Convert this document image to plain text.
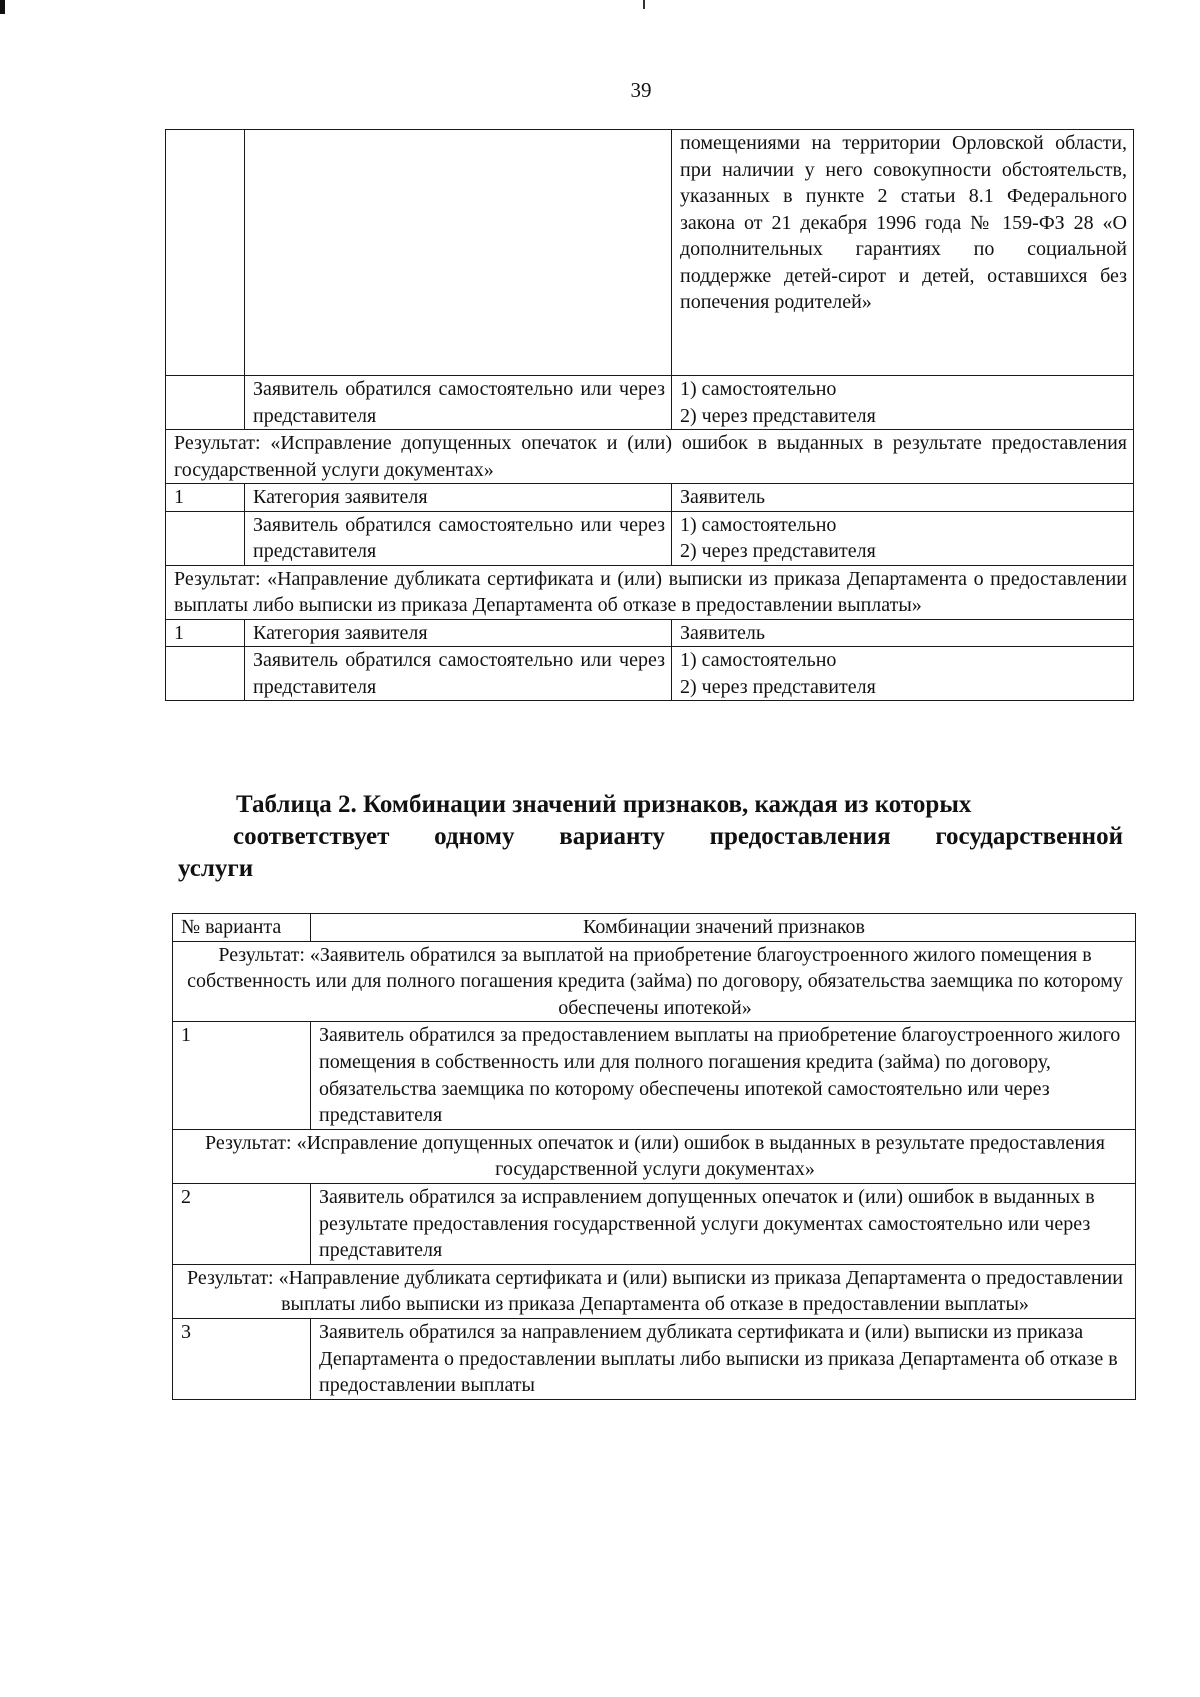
39
		помещениями на территории Орловской области, при наличии у него совокупности обстоятельств, указанных в пункте 2 статьи 8.1 Федерального закона от 21 декабря 1996 года № 159-ФЗ 28 «О дополнительных гарантиях по социальной поддержке детей-сирот и детей, оставшихся без попечения родителей»
	Заявитель обратился самостоятельно или через представителя	1) самостоятельно
2) через представителя

Результат: «Исправление допущенных опечаток и (или) ошибок в выданных в результате предоставления государственной услуги документах»		
1	Категория заявителя	Заявитель
	Заявитель обратился самостоятельно или через представителя	1) самостоятельно
2) через представителя

Результат: «Направление дубликата сертификата и (или) выписки из приказа Департамента о предоставлении выплаты либо выписки из приказа Департамента об отказе в предоставлении выплаты»		
1	Категория заявителя	Заявитель
	Заявитель обратился самостоятельно или через представителя	1) самостоятельно
2) через представителя
Таблица 2. Комбинации значений признаков, каждая из которых
соответствует одному варианту предоставления государственной
услуги
№ варианта	Комбинации значений признаков
Результат: «Заявитель обратился за выплатой на приобретение благоустроенного жилого помещения в собственность или для полного погашения кредита (займа) по договору, обязательства заемщика по которому обеспечены ипотекой»	
1	Заявитель обратился за предоставлением выплаты на приобретение благоустроенного жилого помещения в собственность или для полного погашения кредита (займа) по договору, обязательства заемщика по которому обеспечены ипотекой самостоятельно или через представителя
Результат: «Исправление допущенных опечаток и (или) ошибок в выданных в результате предоставления государственной услуги документах»	
2	Заявитель обратился за исправлением допущенных опечаток и (или) ошибок в выданных в результате предоставления государственной услуги документах самостоятельно или через представителя
Результат: «Направление дубликата сертификата и (или) выписки из приказа Департамента о предоставлении выплаты либо выписки из приказа Департамента об отказе в предоставлении выплаты»	
3	Заявитель обратился за направлением дубликата сертификата и (или) выписки из приказа Департамента о предоставлении выплаты либо выписки из приказа Департамента об отказе в предоставлении выплаты
